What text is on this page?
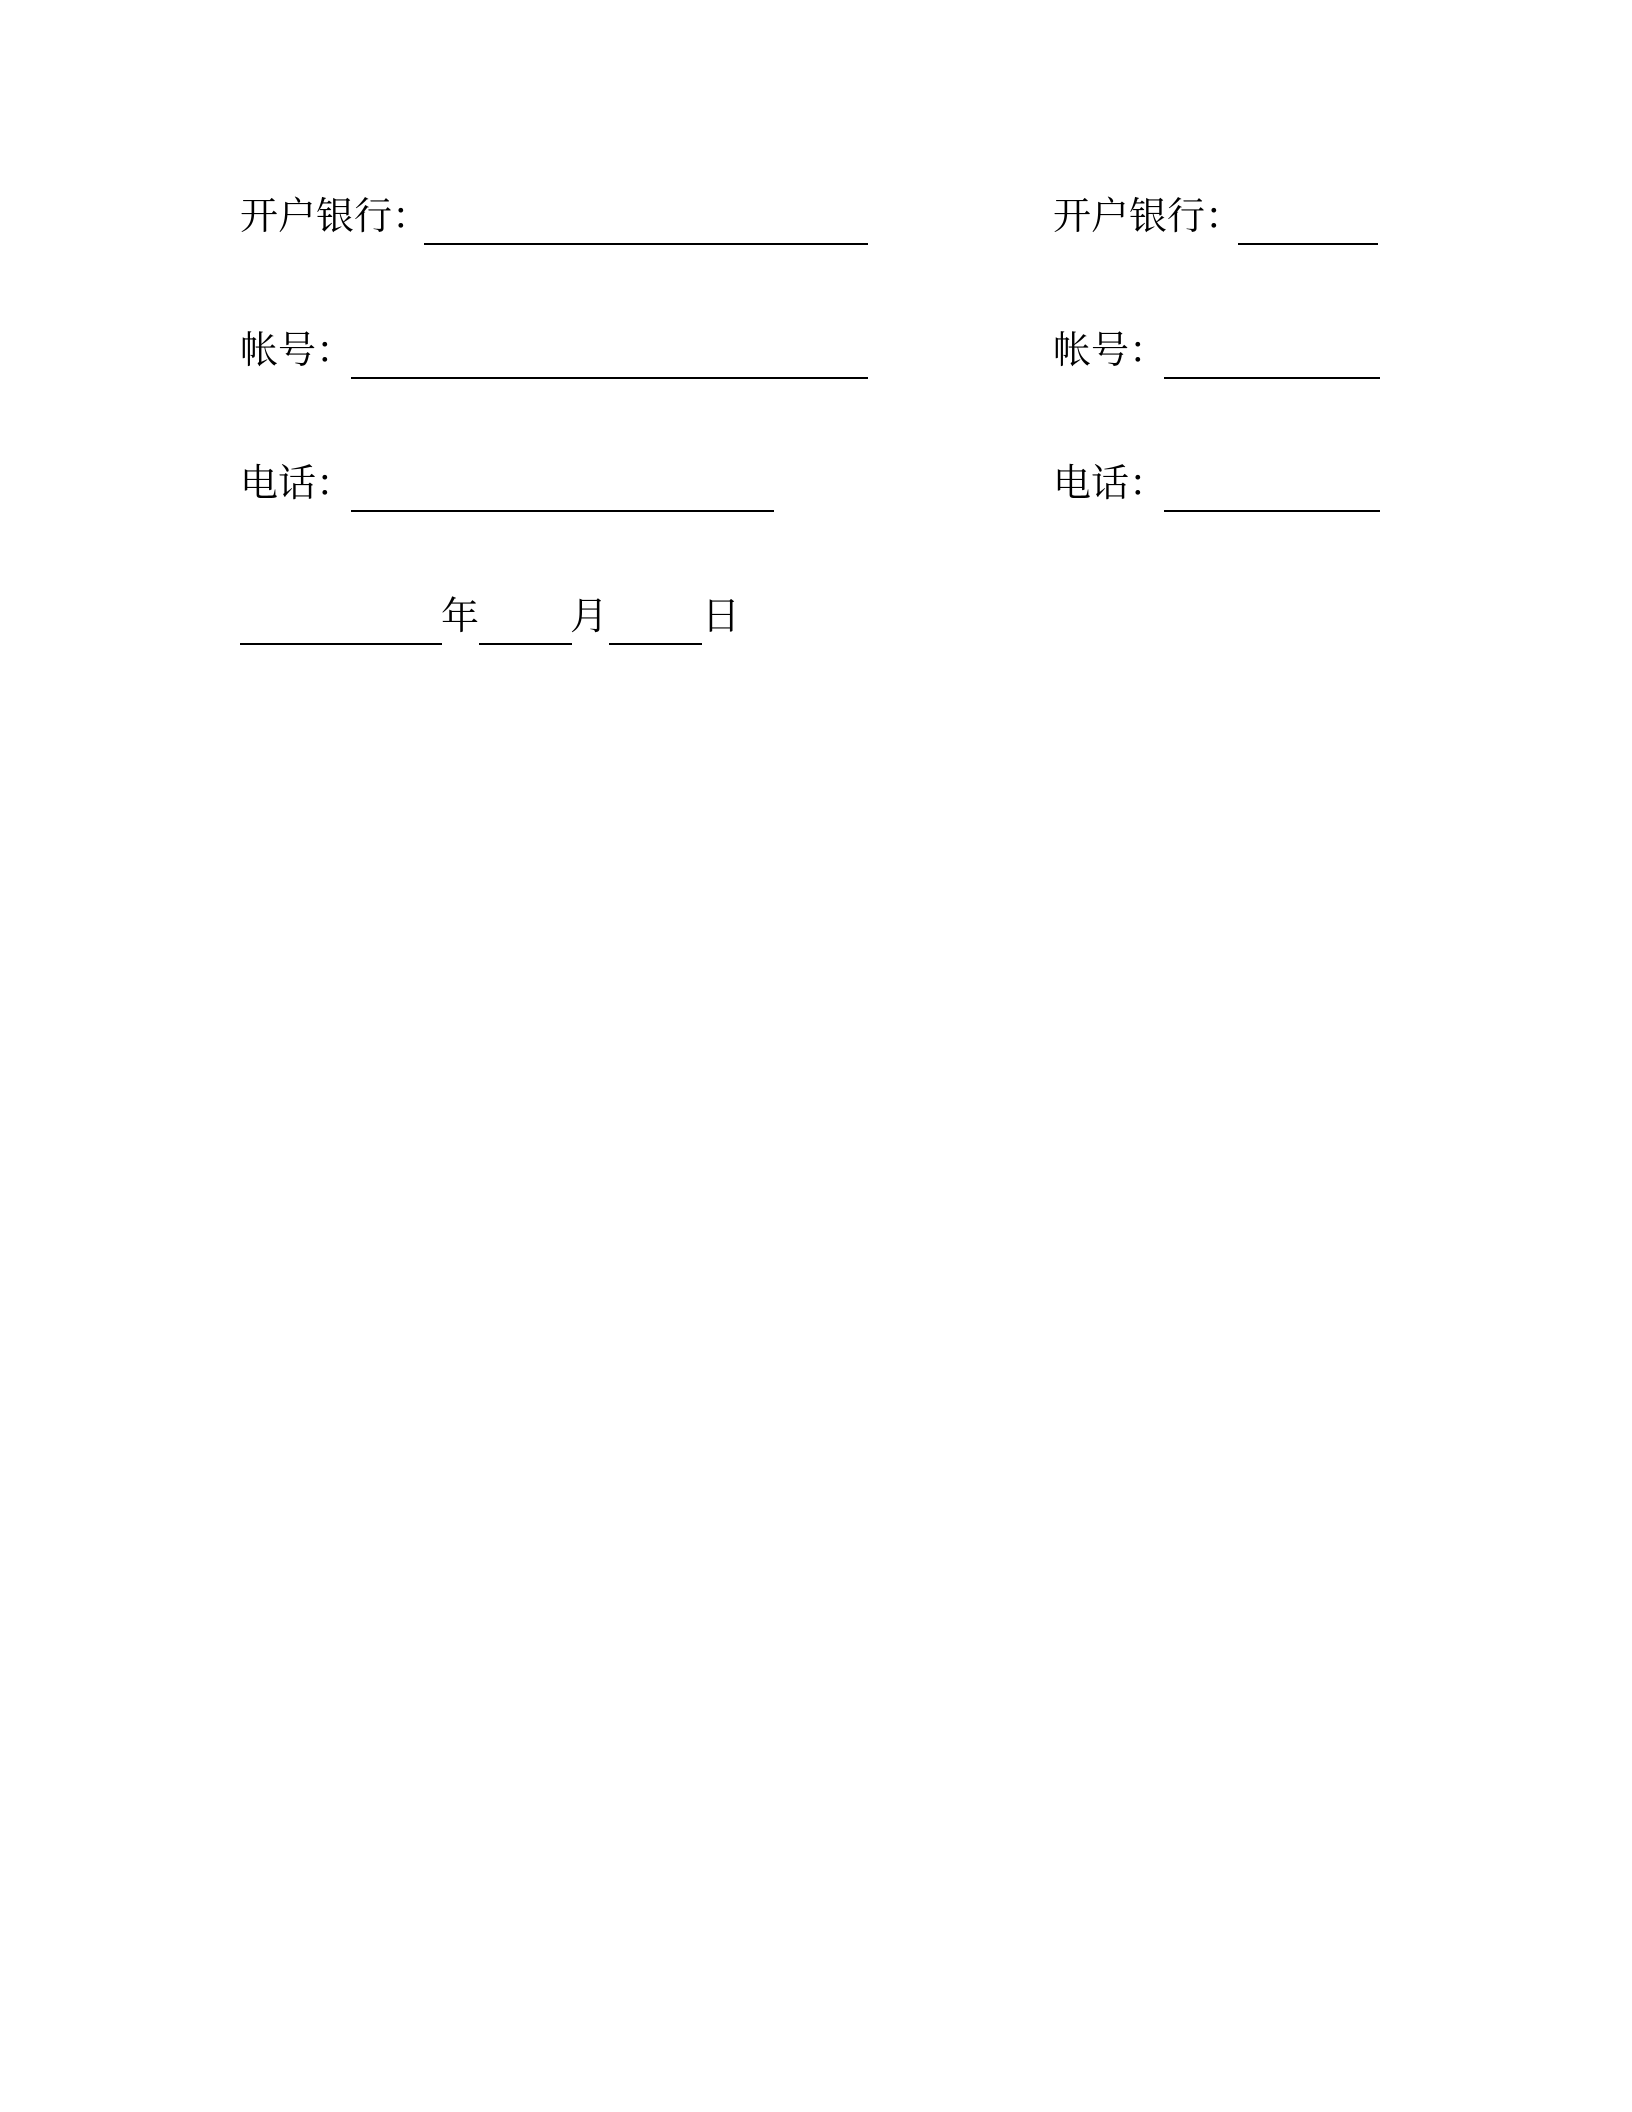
开户银行：
帐号：
电话：
开户银行：
帐号：
电话：
年 月 日
